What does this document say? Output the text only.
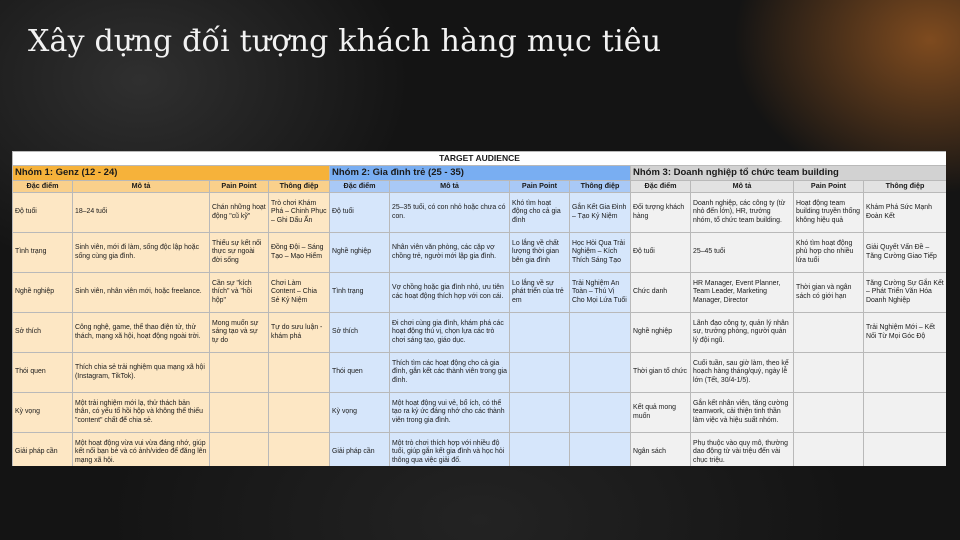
Xây dựng đối tượng khách hàng mục tiêu
TARGET AUDIENCE											
Nhóm 1: Genz (12 - 24)				Nhóm 2: Gia đình trẻ (25 - 35)				Nhóm 3: Doanh nghiệp tổ chức team building			
Đặc điểm	Mô tả	Pain Point	Thông điệp	Đặc điểm	Mô tả	Pain Point	Thông điệp	Đặc điểm	Mô tả	Pain Point	Thông điệp
Độ tuổi	18–24 tuổi	Chán những hoạt động "cũ kỹ"	Trò chơi Khám Phá – Chinh Phục – Ghi Dấu Ấn	Độ tuổi	25–35 tuổi, có con nhỏ hoặc chưa có con.	Khó tìm hoạt động cho cả gia đình	Gắn Kết Gia Đình – Tạo Kỷ Niệm	Đối tượng khách hàng	Doanh nghiệp, các công ty (từ nhỏ đến lớn), HR, trưởng nhóm, tổ chức team building.	Hoạt động team building truyền thống không hiệu quả	Khám Phá Sức Mạnh Đoàn Kết
Tình trạng	Sinh viên, mới đi làm, sống độc lập hoặc sống cùng gia đình.	Thiếu sự kết nối thực sự ngoài đời sống	Đồng Đội – Sáng Tạo – Mạo Hiểm	Nghề nghiệp	Nhân viên văn phòng, các cặp vợ chồng trẻ, người mới lập gia đình.	Lo lắng về chất lượng thời gian bên gia đình	Học Hỏi Qua Trải Nghiệm – Kích Thích Sáng Tạo	Độ tuổi	25–45 tuổi	Khó tìm hoạt động phù hợp cho nhiều lứa tuổi	Giải Quyết Vấn Đề – Tăng Cường Giao Tiếp
Nghề nghiệp	Sinh viên, nhân viên mới, hoặc freelance.	Cần sự "kích thích" và "hồi hộp"	Chơi Làm Content – Chia Sẻ Kỷ Niệm	Tình trạng	Vợ chồng hoặc gia đình nhỏ, ưu tiên các hoạt động thích hợp với con cái.	Lo lắng về sự phát triển của trẻ em	Trải Nghiệm An Toàn – Thú Vị Cho Mọi Lứa Tuổi	Chức danh	HR Manager, Event Planner, Team Leader, Marketing Manager, Director	Thời gian và ngân sách có giới hạn	Tăng Cường Sự Gắn Kết – Phát Triển Văn Hóa Doanh Nghiệp
Sở thích	Công nghệ, game, thể thao điện tử, thử thách, mạng xã hội, hoạt động ngoài trời.	Mong muốn sự sáng tạo và sự tự do	Tự do sưu luận - khám phá	Sở thích	Đi chơi cùng gia đình, khám phá các hoạt động thú vị, chọn lựa các trò chơi sáng tạo, giáo dục.			Nghề nghiệp	Lãnh đạo công ty, quản lý nhân sự, trưởng phòng, người quản lý đội ngũ.		Trải Nghiệm Mới – Kết Nối Từ Mọi Góc Độ
Thói quen	Thích chia sẻ trải nghiệm qua mạng xã hội (Instagram, TikTok).			Thói quen	Thích tìm các hoạt động cho cả gia đình, gắn kết các thành viên trong gia đình.			Thời gian tổ chức	Cuối tuần, sau giờ làm, theo kế hoạch hàng tháng/quý, ngày lễ lớn (Tết, 30/4-1/5).		
Kỳ vọng	Một trải nghiệm mới lạ, thử thách bản thân, có yếu tố hồi hộp và không thể thiếu "content" chất để chia sẻ.			Kỳ vọng	Một hoạt động vui vẻ, bổ ích, có thể tạo ra kỷ ức đáng nhớ cho các thành viên trong gia đình.			Kết quả mong muốn	Gắn kết nhân viên, tăng cường teamwork, cải thiện tinh thần làm việc và hiệu suất nhóm.		
Giải pháp cần	Một hoạt động vừa vui vừa đáng nhớ, giúp kết nối bạn bè và có ảnh/video để đăng lên mạng xã hội.			Giải pháp cần	Một trò chơi thích hợp với nhiều độ tuổi, giúp gắn kết gia đình và học hỏi thông qua việc giải đố.			Ngân sách	Phụ thuộc vào quy mô, thường dao động từ vài triệu đến vài chục triệu.		
